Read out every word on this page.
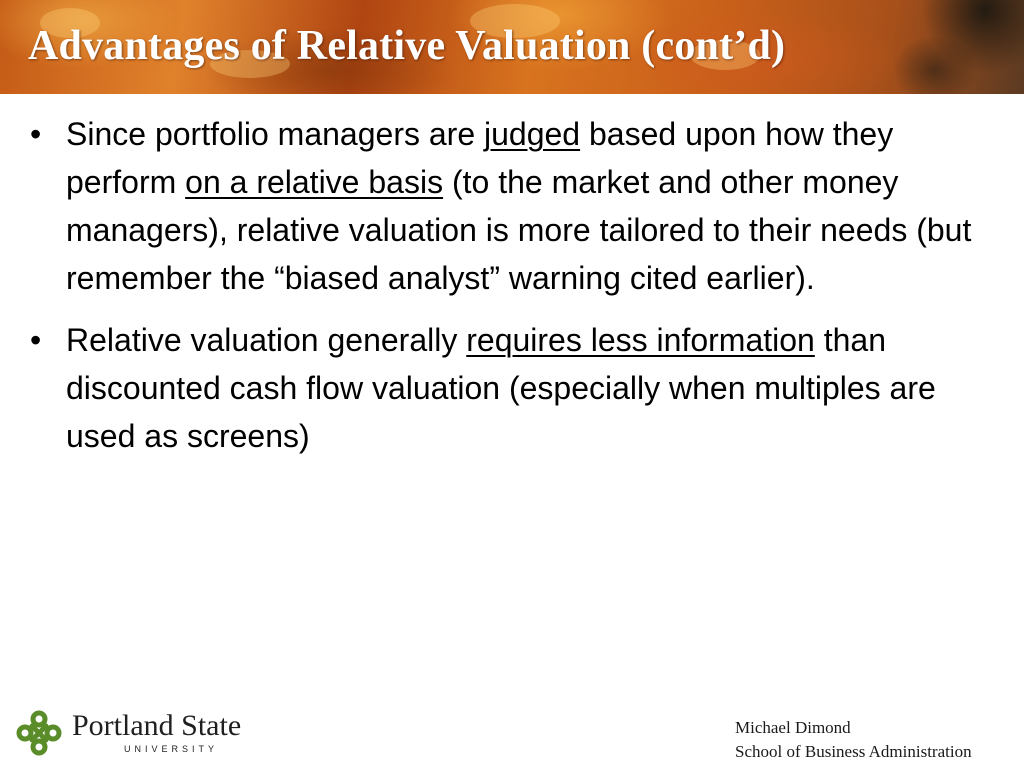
Advantages of Relative Valuation (cont’d)
• Since portfolio managers are judged based upon how they perform on a relative basis (to the market and other money managers), relative valuation is more tailored to their needs (but remember the “biased analyst” warning cited earlier).
• Relative valuation generally requires less information than discounted cash flow valuation (especially when multiples are used as screens)
Portland State
UNIVERSITY
Michael Dimond
School of Business Administration
